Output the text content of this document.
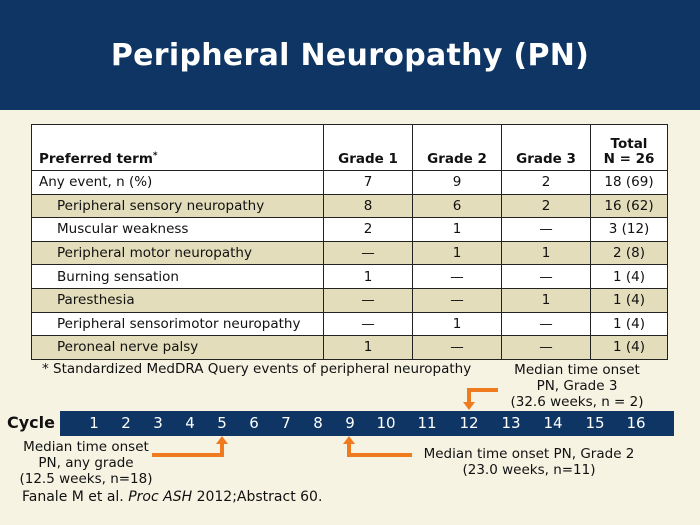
Peripheral Neuropathy (PN)
Preferred term*	Grade 1	Grade 2	Grade 3	Total
N = 26
Any event, n (%)	7	9	2	18 (69)
Peripheral sensory neuropathy	8	6	2	16 (62)
Muscular weakness	2	1	—	3 (12)
Peripheral motor neuropathy	—	1	1	2 (8)
Burning sensation	1	—	—	1 (4)
Paresthesia	—	—	1	1 (4)
Peripheral sensorimotor neuropathy	—	1	—	1 (4)
Peroneal nerve palsy	1	—	—	1 (4)
* Standardized MedDRA Query events of peripheral neuropathy	Median time onset
PN, Grade 3
(32.6 weeks, n = 2)
Cycle	1	2	3	4	5	6	7	8	9	10 11 12 13 14 15 16
Median time onset
PN, any grade
(12.5 weeks, n=18)
Median time onset PN, Grade 2
(23.0 weeks, n=11)
Fanale M et al. Proc ASH 2012;Abstract 60.
